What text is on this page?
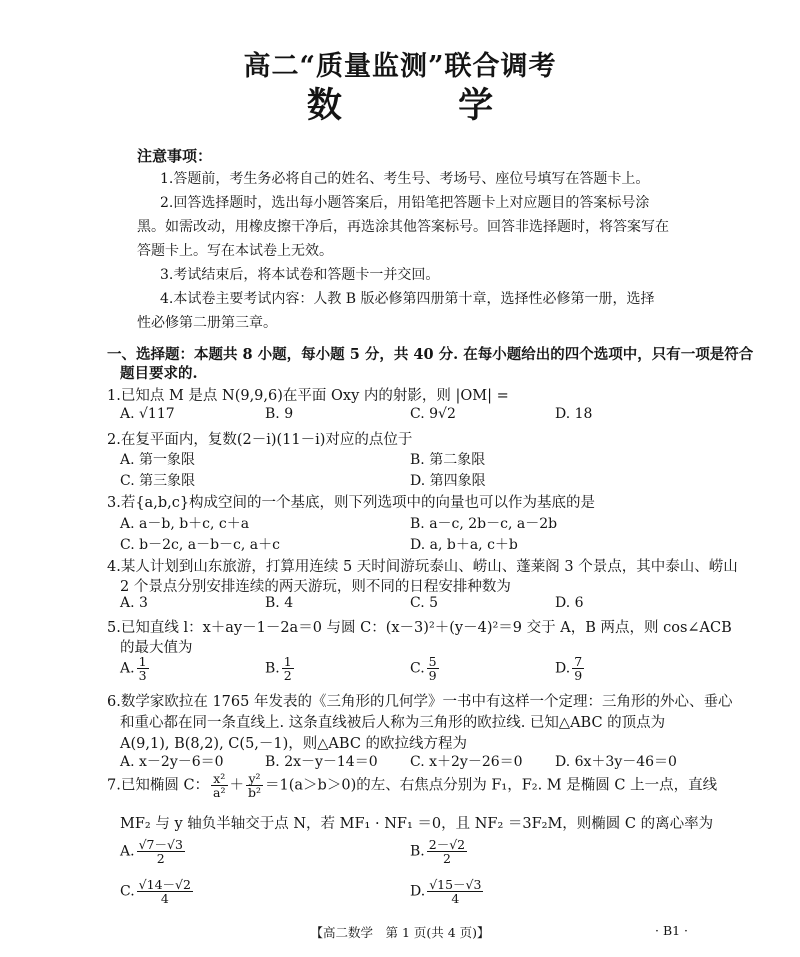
高二“质量监测”联合调考
数 学
注意事项：
1.答题前，考生务必将自己的姓名、考生号、考场号、座位号填写在答题卡上。
2.回答选择题时，选出每小题答案后，用铅笔把答题卡上对应题目的答案标号涂
黑。如需改动，用橡皮擦干净后，再选涂其他答案标号。回答非选择题时，将答案写在
答题卡上。写在本试卷上无效。
3.考试结束后，将本试卷和答题卡一并交回。
4.本试卷主要考试内容：人教 B 版必修第四册第十章，选择性必修第一册，选择
性必修第二册第三章。
一、选择题：本题共 8 小题，每小题 5 分，共 40 分. 在每小题给出的四个选项中，只有一项是符合
题目要求的.
1.已知点 M 是点 N(9,9,6)在平面 Oxy 内的射影，则 |OM| =
A. √117	B. 9	C. 9√2	D. 18
2.在复平面内，复数(2－i)(11－i)对应的点位于
A. 第一象限	B. 第二象限
C. 第三象限	D. 第四象限
3.若{a,b,c}构成空间的一个基底，则下列选项中的向量也可以作为基底的是
A. a－b, b＋c, c＋a	B. a－c, 2b－c, a－2b
C. b－2c, a－b－c, a＋c	D. a, b＋a, c＋b
4.某人计划到山东旅游，打算用连续 5 天时间游玩泰山、崂山、蓬莱阁 3 个景点，其中泰山、崂山
2 个景点分别安排连续的两天游玩，则不同的日程安排种数为
A. 3	B. 4	C. 5	D. 6
5.已知直线 l：x＋ay－1－2a＝0 与圆 C：(x－3)²＋(y－4)²＝9 交于 A，B 两点，则 cos∠ACB
的最大值为
A. $\frac{1}{3}$	B. $\frac{1}{2}$	C. $\frac{5}{9}$	D. $\frac{7}{9}$
6.数学家欧拉在 1765 年发表的《三角形的几何学》一书中有这样一个定理：三角形的外心、垂心
和重心都在同一条直线上. 这条直线被后人称为三角形的欧拉线. 已知△ABC 的顶点为
A(9,1), B(8,2), C(5,－1)，则△ABC 的欧拉线方程为
A. x－2y－6＝0	B. 2x－y－14＝0 C. x＋2y－26＝0 D. 6x＋3y－46＝0
7.已知椭圆 C： $\frac{\text{x²}}{\text{a²}} + \frac{\text{y²}}{\text{b²}} =1(a>b>0)$的左、右焦点分别为 F₁，F₂. M 是椭圆 C 上一点，直线
MF₂ 与 y 轴负半轴交于点 N，若 MF₁ · NF₁ ＝0，且 NF₂ ＝3F₂M，则椭圆 C 的离心率为
A. $\frac{√7-√3}{2}$	B. $\frac{2-√2}{2}$
C. $\frac{√14-√2}{4}$	D. $\frac{√15-√3}{4}$
【高二数学　第 1 页(共 4 页)】	· B1 ·
